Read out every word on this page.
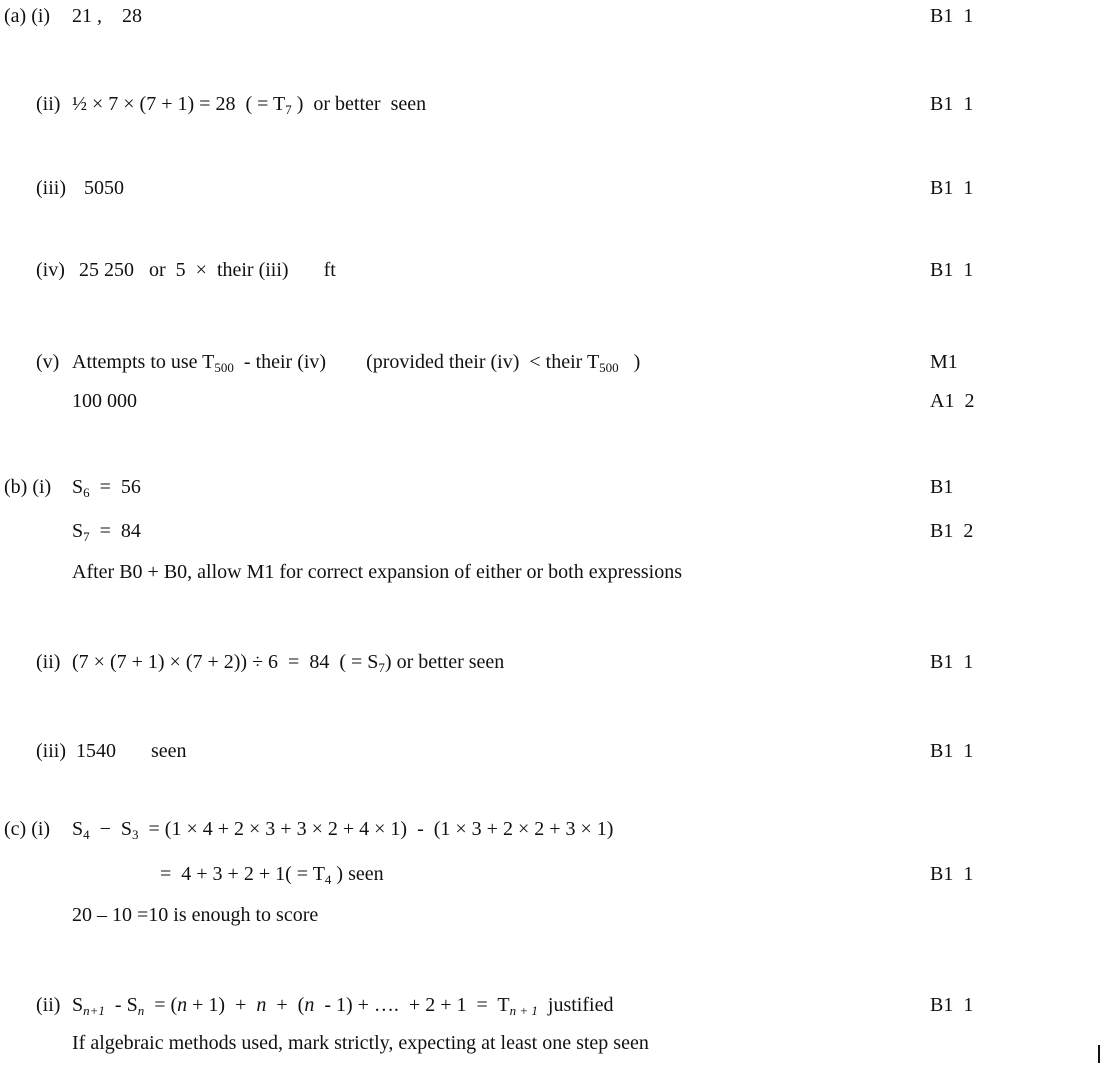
(a) (i) 21 ,    28	B1  1
(ii) ½ × 7 × (7 + 1) = 28  ( = $T_7$ )  or better  seen	B1  1
(iii) 5050	B1  1
(iv) 25 250   or  5  ×  their (iii)       ft	B1  1
(v) Attempts to use $T_{500}$  - their (iv)        (provided their (iv)  < their $T_{500}$   )	M1
100 000	A1  2
(b) (i) $S_6 = 56$	B1
$S_7 = 84$	B1  2
After B0 + B0, allow M1 for correct expansion of either or both expressions
(ii) (7 × (7 + 1) × (7 + 2)) ÷ 6  =  84  ( = $S_7$) or better seen	B1  1
(iii) 1540       seen	B1  1
(c) (i) $S_4 - S_3 = (1 \times 4 + 2 \times 3 + 3 \times 2 + 4 \times 1) - (1 \times 3 + 2 \times 2 + 3 \times 1)$
=  $4 + 3 + 2 + 1( = T_4$ ) seen	B1  1
20 – 10 =10 is enough to score
(ii) $S_{n+1} - S_n = (n + 1) + n + (n - 1)$ + ….  + $2 + 1 = T_{n + 1}$  justified	B1  1
If algebraic methods used, mark strictly, expecting at least one step seen
